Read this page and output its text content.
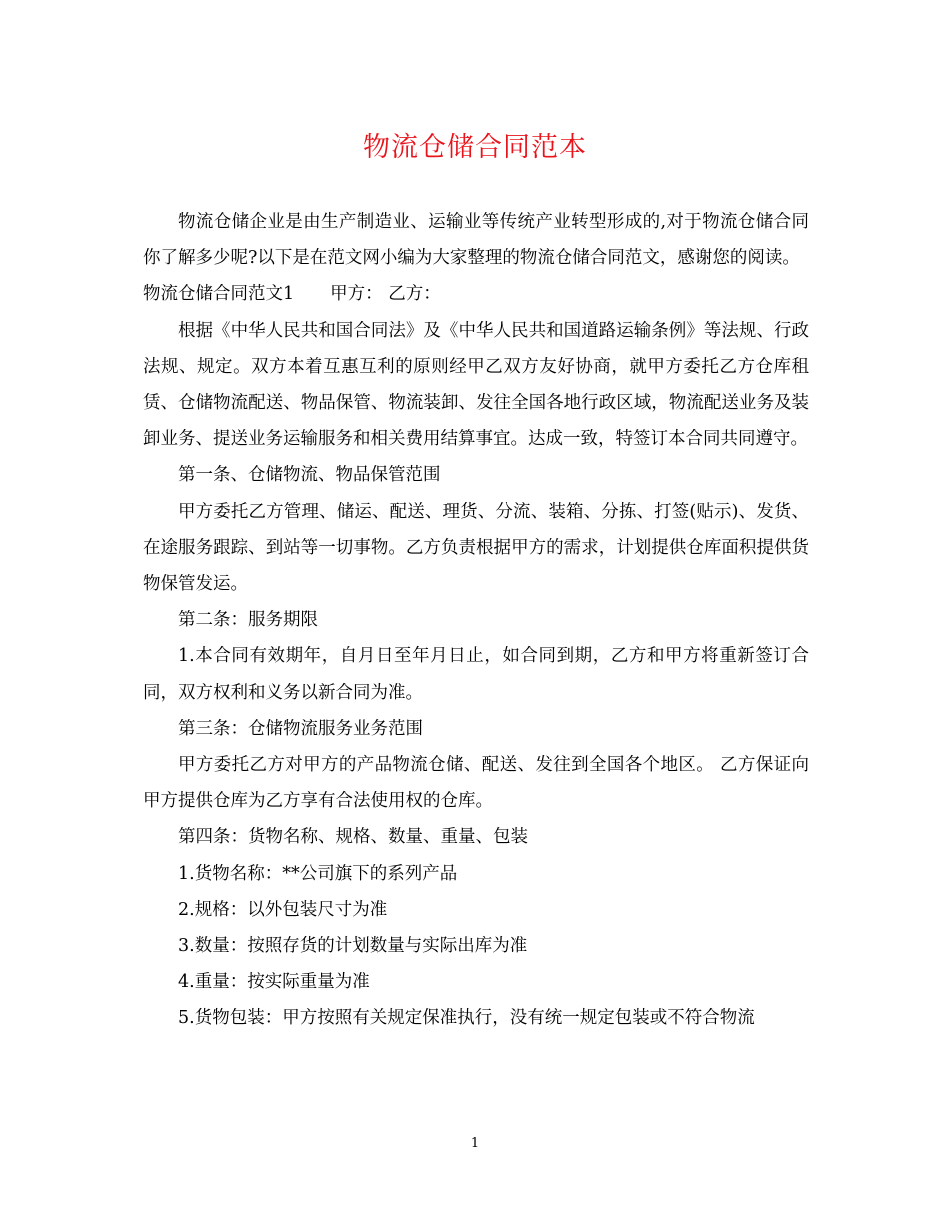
物流仓储合同范本

物流仓储企业是由生产制造业、运输业等传统产业转型形成的,对于物流仓储合同你了解多少呢?以下是在范文网小编为大家整理的物流仓储合同范文，感谢您的阅读。

物流仓储合同范文1 甲方： 乙方：

根据《中华人民共和国合同法》及《中华人民共和国道路运输条例》等法规、行政法规、规定。双方本着互惠互利的原则经甲乙双方友好协商，就甲方委托乙方仓库租赁、仓储物流配送、物品保管、物流装卸、发往全国各地行政区域，物流配送业务及装卸业务、提送业务运输服务和相关费用结算事宜。达成一致，特签订本合同共同遵守。

第一条、仓储物流、物品保管范围

甲方委托乙方管理、储运、配送、理货、分流、装箱、分拣、打签(贴示)、发货、在途服务跟踪、到站等一切事物。乙方负责根据甲方的需求，计划提供仓库面积提供货物保管发运。

第二条：服务期限

1.本合同有效期年，自月日至年月日止，如合同到期，乙方和甲方将重新签订合同，双方权利和义务以新合同为准。

第三条：仓储物流服务业务范围

甲方委托乙方对甲方的产品物流仓储、配送、发往到全国各个地区。 乙方保证向甲方提供仓库为乙方享有合法使用权的仓库。

第四条：货物名称、规格、数量、重量、包装

1.货物名称：**公司旗下的系列产品

2.规格：以外包装尺寸为准

3.数量：按照存货的计划数量与实际出库为准

4.重量：按实际重量为准

5.货物包装：甲方按照有关规定保准执行，没有统一规定包装或不符合物流

1
